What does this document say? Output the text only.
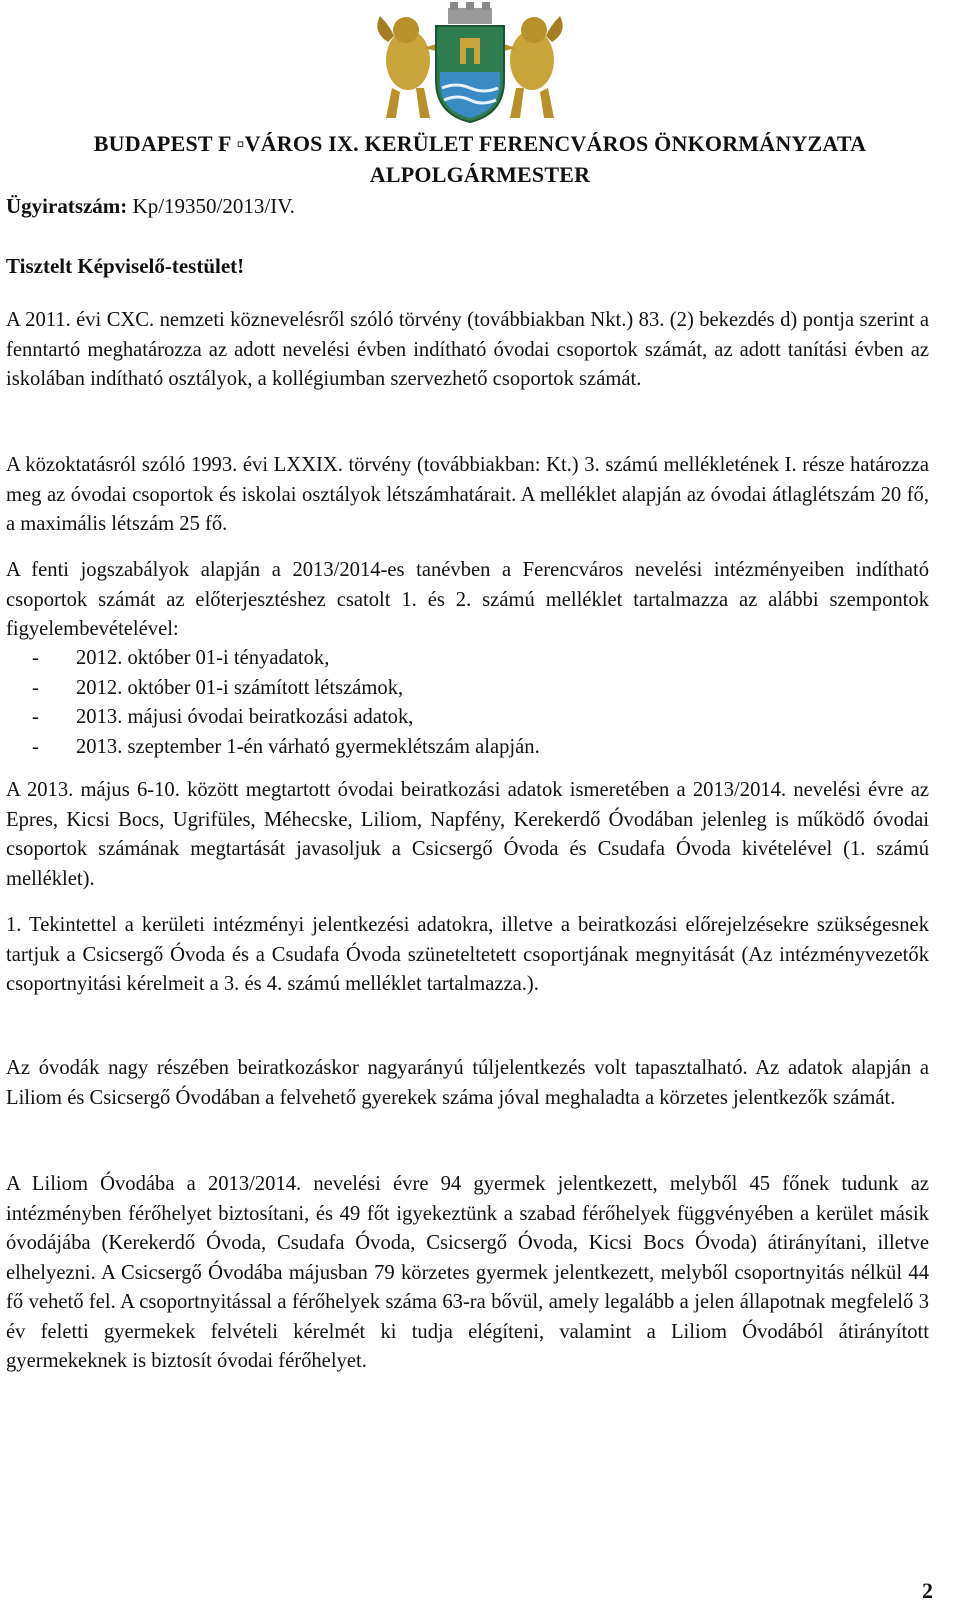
BUDAPEST F ▫VÁROS IX. KERÜLET FERENCVÁROS ÖNKORMÁNYZATA
ALPOLGÁRMESTER
Ügyiratszám: Kp/19350/2013/IV.
Tisztelt Képviselő-testület!
A 2011. évi CXC. nemzeti köznevelésről szóló törvény (továbbiakban Nkt.) 83. (2) bekezdés d) pontja szerint a fenntartó meghatározza az adott nevelési évben indítható óvodai csoportok számát, az adott tanítási évben az iskolában indítható osztályok, a kollégiumban szervezhető csoportok számát.
A közoktatásról szóló 1993. évi LXXIX. törvény (továbbiakban: Kt.) 3. számú mellékletének I. része határozza meg az óvodai csoportok és iskolai osztályok létszámhatárait. A melléklet alapján az óvodai átlaglétszám 20 fő, a maximális létszám 25 fő.
A fenti jogszabályok alapján a 2013/2014-es tanévben a Ferencváros nevelési intézményeiben indítható csoportok számát az előterjesztéshez csatolt 1. és 2. számú melléklet tartalmazza az alábbi szempontok figyelembevételével:
- 2012. október 01-i tényadatok,
- 2012. október 01-i számított létszámok,
- 2013. májusi óvodai beiratkozási adatok,
- 2013. szeptember 1-én várható gyermeklétszám alapján.
A 2013. május 6-10. között megtartott óvodai beiratkozási adatok ismeretében a 2013/2014. nevelési évre az Epres, Kicsi Bocs, Ugrifüles, Méhecske, Liliom, Napfény, Kerekerdő Óvodában jelenleg is működő óvodai csoportok számának megtartását javasoljuk a Csicsergő Óvoda és Csudafa Óvoda kivételével (1. számú melléklet).
1. Tekintettel a kerületi intézményi jelentkezési adatokra, illetve a beiratkozási előrejelzésekre szükségesnek tartjuk a Csicsergő Óvoda és a Csudafa Óvoda szüneteltetett csoportjának megnyitását (Az intézményvezetők csoportnyitási kérelmeit a 3. és 4. számú melléklet tartalmazza.).
Az óvodák nagy részében beiratkozáskor nagyarányú túljelentkezés volt tapasztalható. Az adatok alapján a Liliom és Csicsergő Óvodában a felvehető gyerekek száma jóval meghaladta a körzetes jelentkezők számát.
A Liliom Óvodába a 2013/2014. nevelési évre 94 gyermek jelentkezett, melyből 45 főnek tudunk az intézményben férőhelyet biztosítani, és 49 főt igyekeztünk a szabad férőhelyek függvényében a kerület másik óvodájába (Kerekerdő Óvoda, Csudafa Óvoda, Csicsergő Óvoda, Kicsi Bocs Óvoda) átirányítani, illetve elhelyezni. A Csicsergő Óvodába májusban 79 körzetes gyermek jelentkezett, melyből csoportnyitás nélkül 44 fő vehető fel. A csoportnyitással a férőhelyek száma 63-ra bővül, amely legalább a jelen állapotnak megfelelő 3 év feletti gyermekek felvételi kérelmét ki tudja elégíteni, valamint a Liliom Óvodából átirányított gyermekeknek is biztosít óvodai férőhelyet.
2
